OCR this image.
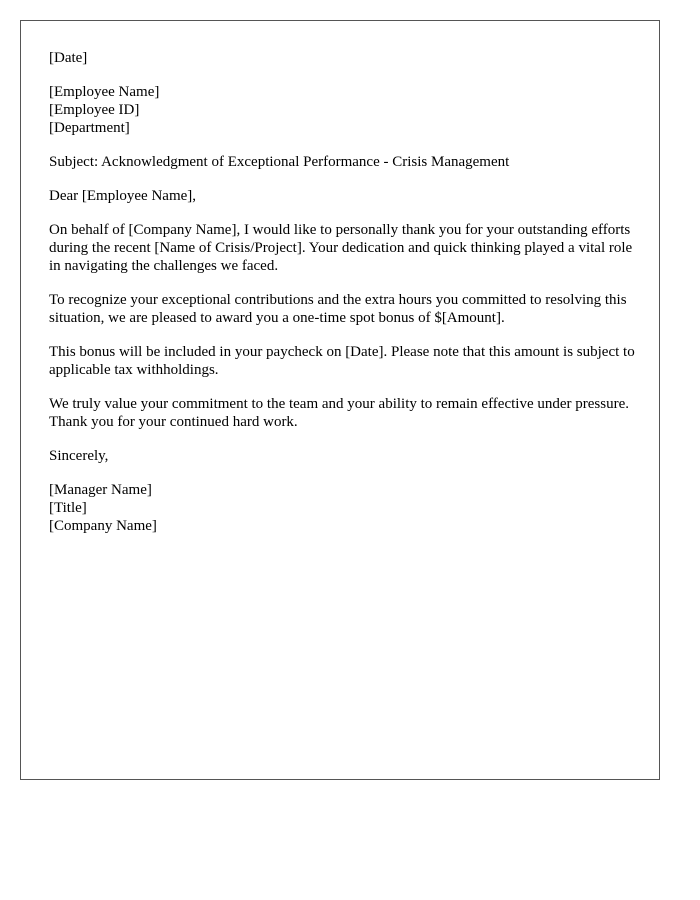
[Date]
[Employee Name]
[Employee ID]
[Department]
Subject: Acknowledgment of Exceptional Performance - Crisis Management
Dear [Employee Name],

On behalf of [Company Name], I would like to personally thank you for your outstanding efforts during the recent [Name of Crisis/Project]. Your dedication and quick thinking played a vital role in navigating the challenges we faced.

To recognize your exceptional contributions and the extra hours you committed to resolving this situation, we are pleased to award you a one-time spot bonus of $[Amount].

This bonus will be included in your paycheck on [Date]. Please note that this amount is subject to applicable tax withholdings.

We truly value your commitment to the team and your ability to remain effective under pressure. Thank you for your continued hard work.

Sincerely,
[Manager Name]
[Title]
[Company Name]
